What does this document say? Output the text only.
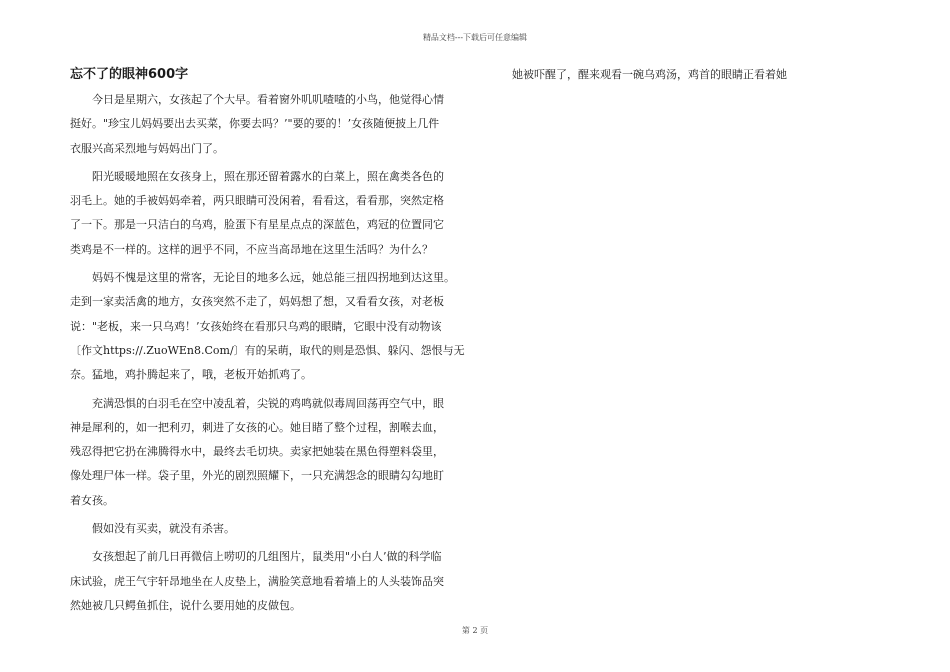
精品文档---下载后可任意编辑
忘不了的眼神600字
今日是星期六，女孩起了个大早。看着窗外叽叽喳喳的小鸟，他觉得心情
挺好。"珍宝儿妈妈要出去买菜，你要去吗？’"要的要的！’女孩随便披上几件
衣服兴高采烈地与妈妈出门了。
阳光暖暖地照在女孩身上，照在那还留着露水的白菜上，照在禽类各色的
羽毛上。她的手被妈妈牵着，两只眼睛可没闲着，看看这，看看那，突然定格
了一下。那是一只洁白的乌鸡，脸蛋下有星星点点的深蓝色，鸡冠的位置同它
类鸡是不一样的。这样的迥乎不同，不应当高昂地在这里生活吗？为什么？
妈妈不愧是这里的常客，无论目的地多么远，她总能三扭四拐地到达这里。
走到一家卖活禽的地方，女孩突然不走了，妈妈想了想，又看看女孩，对老板
说："老板，来一只乌鸡！’女孩始终在看那只乌鸡的眼睛，它眼中没有动物该
〔作文https://.ZuoWEn8.Com/〕有的呆萌，取代的则是恐惧、躲闪、怨恨与无
奈。猛地，鸡扑腾起来了，哦，老板开始抓鸡了。
充满恐惧的白羽毛在空中凌乱着，尖锐的鸡鸣就似毒周回荡再空气中，眼
神是犀利的，如一把利刃，刺进了女孩的心。她目睹了整个过程，割喉去血，
残忍得把它扔在沸腾得水中，最终去毛切块。卖家把她装在黑色得塑料袋里，
像处理尸体一样。袋子里，外光的剧烈照耀下，一只充满怨念的眼睛勾勾地盯
着女孩。
假如没有买卖，就没有杀害。
女孩想起了前几日再微信上唠叨的几组图片，鼠类用"小白人’做的科学临
床试验，虎王气宇轩昂地坐在人皮垫上，满脸笑意地看着墙上的人头装饰品突
然她被几只鳄鱼抓住，说什么要用她的皮做包。
她被吓醒了，醒来观看一碗乌鸡汤，鸡首的眼睛正看着她
第 2 页
